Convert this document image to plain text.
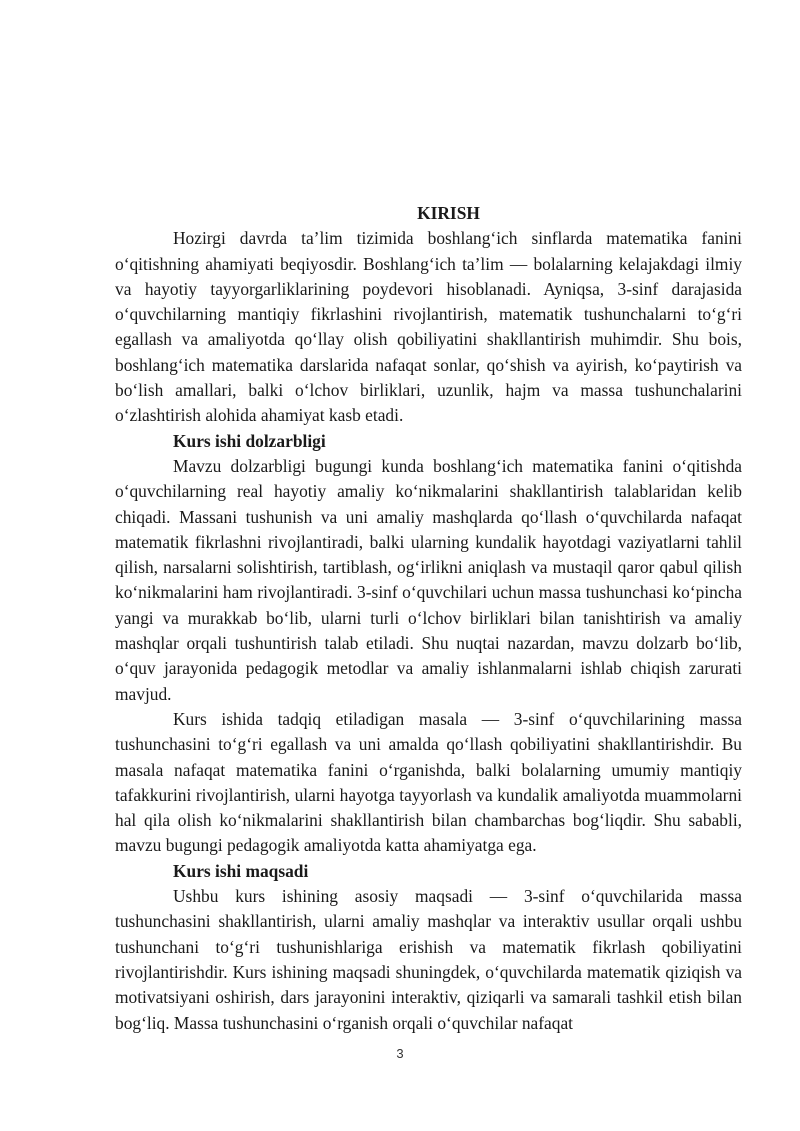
KIRISH

Hozirgi davrda ta’lim tizimida boshlang‘ich sinflarda matematika fanini o‘qitishning ahamiyati beqiyosdir. Boshlang‘ich ta’lim — bolalarning kelajakdagi ilmiy va hayotiy tayyorgarliklarining poydevori hisoblanadi. Ayniqsa, 3-sinf darajasida o‘quvchilarning mantiqiy fikrlashini rivojlantirish, matematik tushunchalarni to‘g‘ri egallash va amaliyotda qo‘llay olish qobiliyatini shakllantirish muhimdir. Shu bois, boshlang‘ich matematika darslarida nafaqat sonlar, qo‘shish va ayirish, ko‘paytirish va bo‘lish amallari, balki o‘lchov birliklari, uzunlik, hajm va massa tushunchalarini o‘zlashtirish alohida ahamiyat kasb etadi.

Kurs ishi dolzarbligi

Mavzu dolzarbligi bugungi kunda boshlang‘ich matematika fanini o‘qitishda o‘quvchilarning real hayotiy amaliy ko‘nikmalarini shakllantirish talablaridan kelib chiqadi. Massani tushunish va uni amaliy mashqlarda qo‘llash o‘quvchilarda nafaqat matematik fikrlashni rivojlantiradi, balki ularning kundalik hayotdagi vaziyatlarni tahlil qilish, narsalarni solishtirish, tartiblash, og‘irlikni aniqlash va mustaqil qaror qabul qilish ko‘nikmalarini ham rivojlantiradi. 3-sinf o‘quvchilari uchun massa tushunchasi ko‘pincha yangi va murakkab bo‘lib, ularni turli o‘lchov birliklari bilan tanishtirish va amaliy mashqlar orqali tushuntirish talab etiladi. Shu nuqtai nazardan, mavzu dolzarb bo‘lib, o‘quv jarayonida pedagogik metodlar va amaliy ishlanmalarni ishlab chiqish zarurati mavjud.

Kurs ishida tadqiq etiladigan masala — 3-sinf o‘quvchilarining massa tushunchasini to‘g‘ri egallash va uni amalda qo‘llash qobiliyatini shakllantirishdir. Bu masala nafaqat matematika fanini o‘rganishda, balki bolalarning umumiy mantiqiy tafakkurini rivojlantirish, ularni hayotga tayyorlash va kundalik amaliyotda muammolarni hal qila olish ko‘nikmalarini shakllantirish bilan chambarchas bog‘liqdir. Shu sababli, mavzu bugungi pedagogik amaliyotda katta ahamiyatga ega.

Kurs ishi maqsadi

Ushbu kurs ishining asosiy maqsadi — 3-sinf o‘quvchilarida massa tushunchasini shakllantirish, ularni amaliy mashqlar va interaktiv usullar orqali ushbu tushunchani to‘g‘ri tushunishlariga erishish va matematik fikrlash qobiliyatini rivojlantirishdir. Kurs ishining maqsadi shuningdek, o‘quvchilarda matematik qiziqish va motivatsiyani oshirish, dars jarayonini interaktiv, qiziqarli va samarali tashkil etish bilan bog‘liq. Massa tushunchasini o‘rganish orqali o‘quvchilar nafaqat

3
